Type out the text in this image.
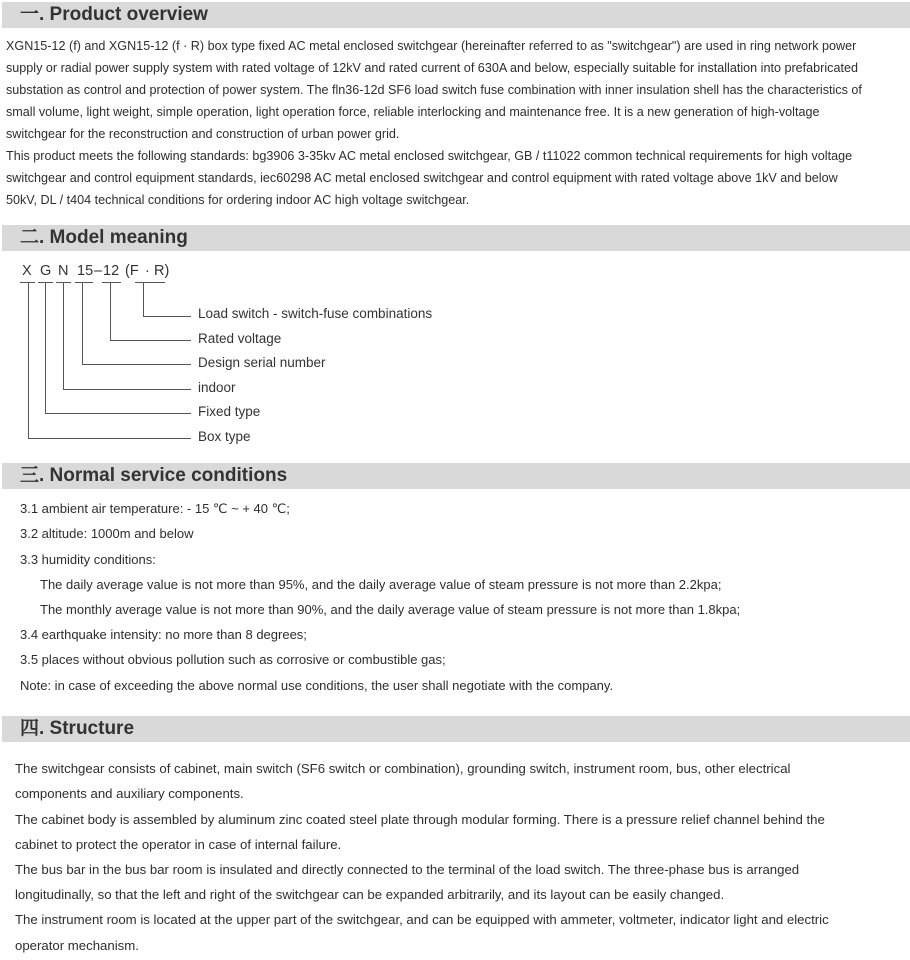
一. Product overview

XGN15-12 (f) and XGN15-12 (f · R) box type fixed AC metal enclosed switchgear (hereinafter referred to as "switchgear") are used in ring network power

supply or radial power supply system with rated voltage of 12kV and rated current of 630A and below, especially suitable for installation into prefabricated

substation as control and protection of power system. The fln36-12d SF6 load switch fuse combination with inner insulation shell has the characteristics of

small volume, light weight, simple operation, light operation force, reliable interlocking and maintenance free. It is a new generation of high-voltage

switchgear for the reconstruction and construction of urban power grid.

This product meets the following standards: bg3906 3-35kv AC metal enclosed switchgear, GB / t11022 common technical requirements for high voltage

switchgear and control equipment standards, iec60298 AC metal enclosed switchgear and control equipment with rated voltage above 1kV and below

50kV, DL / t404 technical conditions for ordering indoor AC high voltage switchgear.

二. Model meaning
X G N 15 – 12 (F · R)
Load switch - switch-fuse combinations
Rated voltage
Design serial number
indoor
Fixed type
Box type
三. Normal service conditions

3.1 ambient air temperature: - 15 ℃ ~ + 40 ℃;

3.2 altitude: 1000m and below

3.3 humidity conditions:

The daily average value is not more than 95%, and the daily average value of steam pressure is not more than 2.2kpa;

The monthly average value is not more than 90%, and the daily average value of steam pressure is not more than 1.8kpa;

3.4 earthquake intensity: no more than 8 degrees;

3.5 places without obvious pollution such as corrosive or combustible gas;

Note: in case of exceeding the above normal use conditions, the user shall negotiate with the company.

四. Structure

The switchgear consists of cabinet, main switch (SF6 switch or combination), grounding switch, instrument room, bus, other electrical

components and auxiliary components.

The cabinet body is assembled by aluminum zinc coated steel plate through modular forming. There is a pressure relief channel behind the

cabinet to protect the operator in case of internal failure.

The bus bar in the bus bar room is insulated and directly connected to the terminal of the load switch. The three-phase bus is arranged

longitudinally, so that the left and right of the switchgear can be expanded arbitrarily, and its layout can be easily changed.

The instrument room is located at the upper part of the switchgear, and can be equipped with ammeter, voltmeter, indicator light and electric

operator mechanism.
